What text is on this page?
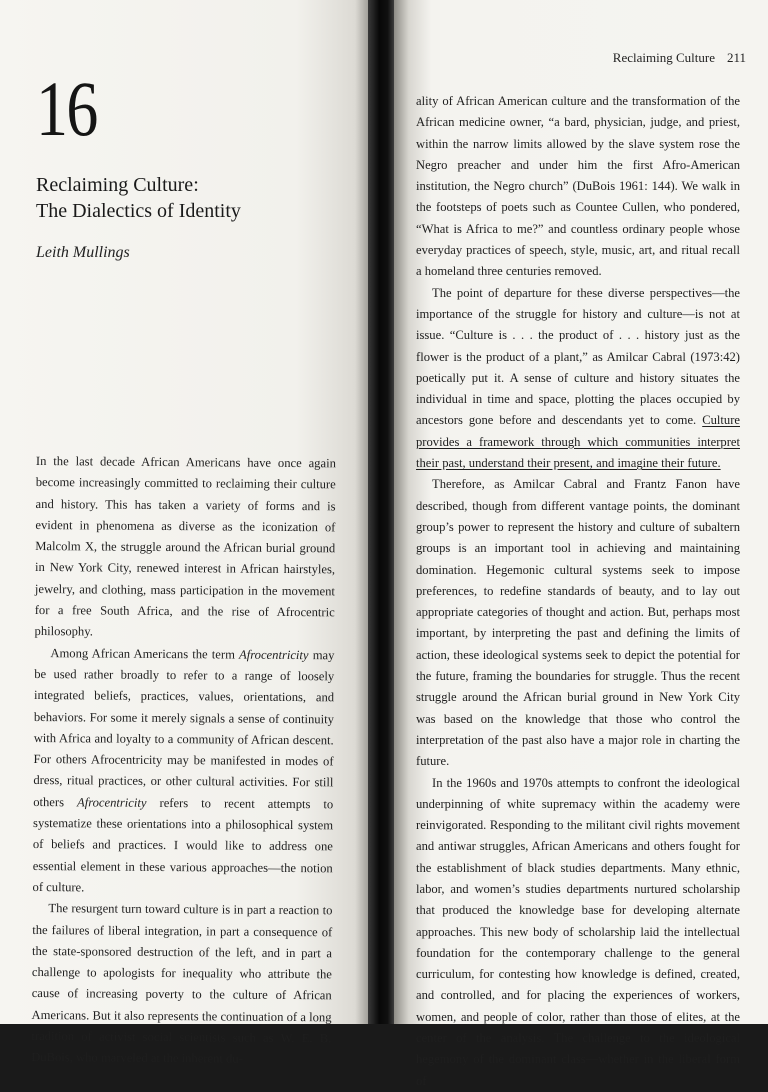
16
Reclaiming Culture:
The Dialectics of Identity
Leith Mullings

In the last decade African Americans have once again become increasingly committed to reclaiming their culture and history. This has taken a variety of forms and is evident in phenomena as diverse as the iconization of Malcolm X, the struggle around the African burial ground in New York City, renewed interest in African hairstyles, jewelry, and clothing, mass participation in the movement for a free South Africa, and the rise of Afrocentric philosophy.

Among African Americans the term Afrocentricity may be used rather broadly to refer to a range of loosely integrated beliefs, practices, values, orientations, and behaviors. For some it merely signals a sense of continuity with Africa and loyalty to a community of African descent. For others Afrocentricity may be manifested in modes of dress, ritual practices, or other cultural activities. For still others Afrocentricity refers to recent attempts to systematize these orientations into a philosophical system of beliefs and practices. I would like to address one essential element in these various approaches—the notion of culture.

The resurgent turn toward culture is in part a reaction to the failures of liberal integration, in part a consequence of the state-sponsored destruction of the left, and in part a challenge to apologists for inequality who attribute the cause of increasing poverty to the culture of African Americans. But it also represents the continuation of a long tradition of activist social scientists such as W. E. B. DuBois, who marveled at the inherent du-

Reclaiming Culture 211

ality of African American culture and the transformation of the African medicine owner, “a bard, physician, judge, and priest, within the narrow limits allowed by the slave system rose the Negro preacher and under him the first Afro-American institution, the Negro church” (DuBois 1961: 144). We walk in the footsteps of poets such as Countee Cullen, who pondered, “What is Africa to me?” and countless ordinary people whose everyday practices of speech, style, music, art, and ritual recall a homeland three centuries removed.

The point of departure for these diverse perspectives—the importance of the struggle for history and culture—is not at issue. “Culture is . . . the product of . . . history just as the flower is the product of a plant,” as Amilcar Cabral (1973:42) poetically put it. A sense of culture and history situates the individual in time and space, plotting the places occupied by ancestors gone before and descendants yet to come. Culture provides a framework through which communities interpret their past, understand their present, and imagine their future.

Therefore, as Amilcar Cabral and Frantz Fanon have described, though from different vantage points, the dominant group’s power to represent the history and culture of subaltern groups is an important tool in achieving and maintaining domination. Hegemonic cultural systems seek to impose preferences, to redefine standards of beauty, and to lay out appropriate categories of thought and action. But, perhaps most important, by interpreting the past and defining the limits of action, these ideological systems seek to depict the potential for the future, framing the boundaries for struggle. Thus the recent struggle around the African burial ground in New York City was based on the knowledge that those who control the interpretation of the past also have a major role in charting the future.

In the 1960s and 1970s attempts to confront the ideological underpinning of white supremacy within the academy were reinvigorated. Responding to the militant civil rights movement and antiwar struggles, African Americans and others fought for the establishment of black studies departments. Many ethnic, labor, and women’s studies departments nurtured scholarship that produced the knowledge base for developing alternate approaches. This new body of scholarship laid the intellectual foundation for the contemporary challenge to the general curriculum, for contesting how knowledge is defined, created, and controlled, and for placing the experiences of workers, women, and people of color, rather than those of elites, at the center of the analysis. The challenge to the ideological hegemony of the dominant class—whether in the liberal form of
